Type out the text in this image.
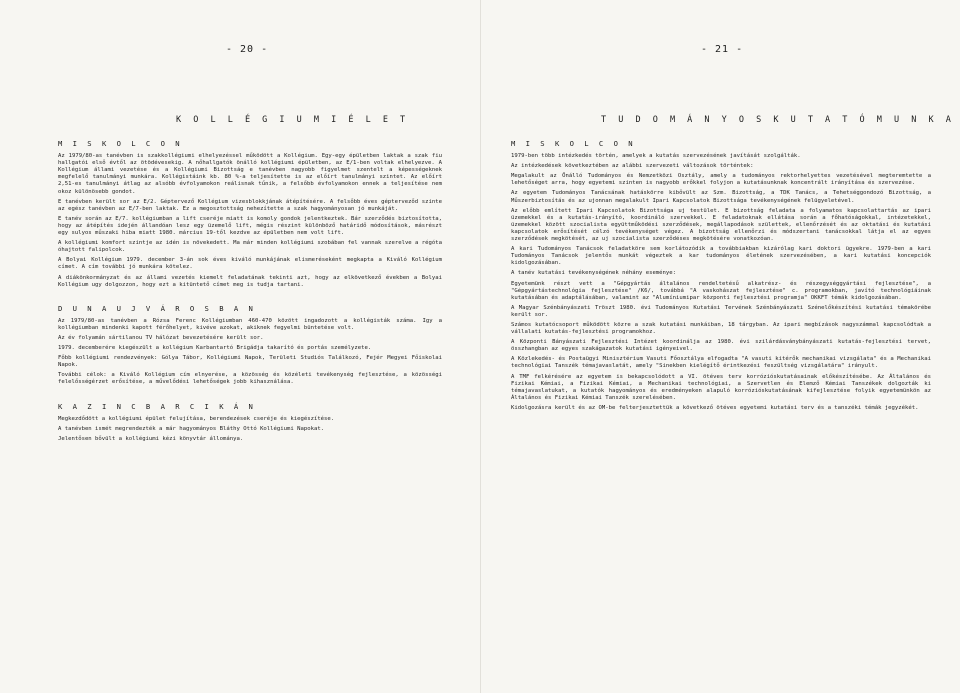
- 20 -
K O L L É G I U M I É L E T
M I S K O L C O N

Az 1979/80-as tanévben is szakkollégiumi elhelyezéssel működött a Kollégium. Egy-egy épületben laktak a szak fiu hallgatói első évtől az ötödévesekig. A nőhallgatók önálló kollégiumi épületben, az E/1-ben voltak elhelyezve. A Kollégium állami vezetése és a Kollégiumi Bizottság e tanévben nagyobb figyelmet szentelt a képességeknek megfelelő tanulmányi munkára. Kollégistáink kb. 80 %-a teljesítette is az előírt tanulmányi szintet. Az előírt 2,51-es tanulmányi átlag az alsóbb évfolyamokon reálisnak tűnik, a felsőbb évfolyamokon ennek a teljesítése nem okoz különösebb gondot.

E tanévben került sor az E/2. Géptervező Kollégium vizesblokkjának átépítésére. A felsőbb éves gépterveződ szinte az egész tanévben az E/7-ben laktak. Ez a megosztottság nehezítette a szak hagyományosan jó munkáját.

E tanév során az E/7. kollégiumban a lift cseréje miatt is komoly gondok jelentkeztek. Bár szerződés biztosította, hogy az átépítés idején állandóan lesz egy üzemelő lift, mégis részint különböző határidő módosítások, másrészt egy sulyos műszaki hiba miatt 1980. március 19-től kezdve az épületben nem volt lift.

A kollégiumi komfort szintje az idén is növekedett. Ma már minden kollégiumi szobában fel vannak szerelve a régóta óhajtott falipolcok.

A Bolyai Kollégium 1979. december 3-án sok éves kiváló munkájának elismeréseként megkapta a Kiváló Kollégium címet. A cím további jó munkára kötelez.

A diákönkormányzat és az állami vezetés kiemelt feladatának tekinti azt, hogy az elkövetkező években a Bolyai Kollégium ugy dolgozzon, hogy ezt a kitüntető címet meg is tudja tartani.

D U N A U J V Á R O S B A N

Az 1979/80-as tanévben a Rózsa Ferenc Kollégiumban 460-470 között ingadozott a kollégisták száma. Igy a kollégiumban mindenki kapott férőhelyet, kivéve azokat, akiknek fegyelmi büntetése volt.

Az év folyamán sártilanou TV hálózat bevezetésére került sor.

1979. decemberére kiegészült a kollégium Karbantartó Brigádja takarító és portás személyzete.

Főbb kollégiumi rendezvények: Gólya Tábor, Kollégiumi Napok, Területi Studiós Találkozó, Fejér Megyei Főiskolai Napok.

További célok: a Kiváló Kollégium cím elnyerése, a közösség és közéleti tevékenység fejlesztése, a közösségi felelősségérzet erősítése, a művelődési lehetőségek jobb kihasználása.

K A Z I N C B A R C I K Á N

Megkezdődött a kollégiumi épület felujítása, berendezések cseréje és kiegészítése.

A tanévben ismét megrendezték a már hagyományos Bláthy Ottó Kollégiumi Napokat.

Jelentősen bővült a kollégiumi kézi könyvtár állománya.

- 21 -
T U D O M Á N Y O S K U T A T Ó M U N K A
M I S K O L C O N

1979-ben több intézkedés történ, amelyek a kutatás szervezésének javítását szolgálták.

Az intézkedések következtében az alábbi szervezeti változások történtek:

Megalakult az Önálló Tudományos és Nemzetközi Osztály, amely a tudományos rektorhelyettes vezetésével megteremtette a lehetőséget arra, hogy egyetemi szinten is nagyobb erőkkel folyjon a kutatásunknak koncentrált irányítása és szervezése.

Az egyetem Tudományos Tanácsának hatáskörre kibővült az Szm. Bizottság, a TDK Tanács, a Tehetséggondozó Bizottság, a Műszerbiztosítás és az ujonnan megalakult Ipari Kapcsolatok Bizottsága tevékenységének felügyeletével.

Az előbb említett Ipari Kapcsolatok Bizottsága uj testület. E bizottság feladata a folyamatos kapcsolattartás az ipari üzemekkel és a kutatás-irányító, koordináló szervekkel. E feladatoknak ellátása során a főhatóságokkal, intézetekkel, üzemekkel között szocialista együttműködési szerződések, megállapodások születtek, ellenőrzését és az oktatási és kutatási kapcsolatok erősítését célzó tevékenységet végez. A bizottság ellenőrzi és módszertani tanácsokkal látja el az egyes szerződések megkötését, az uj szocialista szerződéses megkötésére vonatkozóan.

A kari Tudományos Tanácsok feladatköre sem korlátozódik a továbbiakban kizárólag kari doktori ügyekre. 1979-ben a kari Tudományos Tanácsok jelentős munkát végeztek a kar tudományos életének szervezésében, a kari kutatási koncepciók kidolgozásában.

A tanév kutatási tevékenységének néhány eseménye:

Egyetemünk részt vett a "Gépgyártás általános rendeltetésű alkatrész- és részegységgyártási fejlesztése", a "Gépgyártástechnológia fejlesztése" /K6/, továbbá "A vaskohászat fejlesztése" c. programokban, javító technológiáinak kutatásában és adaptálásában, valamint az "Alumíniumipar központi fejlesztési programja" OKKFT témák kidolgozásában.

A Magyar Szénbányászati Tröszt 1980. évi Tudományos Kutatási Tervének Szénbányászati Szénelőkészítési kutatási témakörébe került sor.

Számos kutatócsoport működött közre a szak kutatási munkáiban, 18 tárgyban. Az ipari megbízások nagyszámmal kapcsolódtak a vállalati kutatás-fejlesztési programokhoz.

A Központi Bányászati Fejlesztési Intézet koordinálja az 1980. évi szilárdásványbányászati kutatás-fejlesztési tervet, összhangban az egyes szakágazatok kutatási igényeivel.

A Közlekedés- és Postaügyi Minisztérium Vasuti Főosztálya elfogadta "A vasuti kitérők mechanikai vizsgálata" és a Mechanikai technológiai Tanszék témajavaslatát, amely "Sinekben kielégítő érintkezési feszültség vizsgálatára" irányult.

A TMF felkérésére az egyetem is bekapcsolódott a VI. ötéves terv korrózióskutatásainak előkészítésébe. Az Általános és Fizikai Kémiai, a Fizikai Kémiai, a Mechanikai technológiai, a Szervetlen és Elemző Kémiai Tanszékek dolgozták ki témajavaslatukat, a kutatók hagyományos és eredményeken alapuló korrózióskutatásának kifejlesztése folyik egyetemünkön az Általános és Fizikai Kémiai Tanszék szerelésében.

Kidolgozásra került és az OM-be felterjesztettük a következő ötéves egyetemi kutatási terv és a tanszéki témák jegyzékét.
